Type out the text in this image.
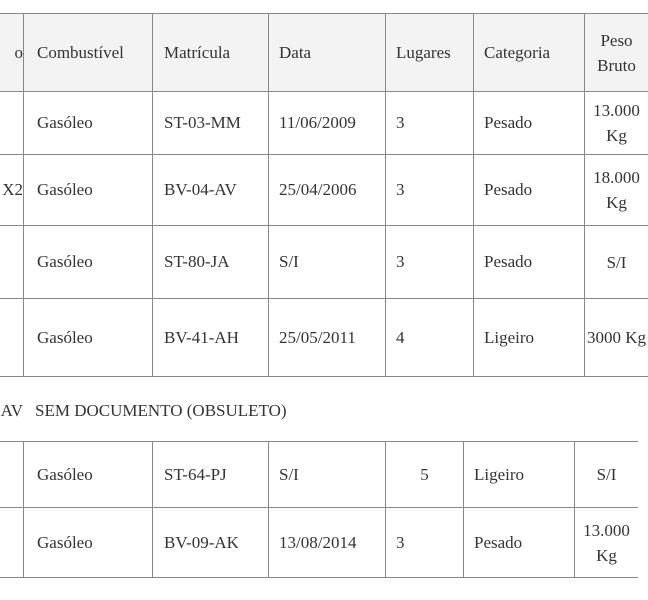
o	Combustível	Matrícula	Data	Lugares	Categoria	Peso Bruto
	Gasóleo	ST-03-MM	11/06/2009	3	Pesado	13.000 Kg
X2	Gasóleo	BV-04-AV	25/04/2006	3	Pesado	18.000 Kg
	Gasóleo	ST-80-JA	S/I	3	Pesado	S/I
	Gasóleo	BV-41-AH	25/05/2011	4	Ligeiro	3000 Kg
AV SEM DOCUMENTO (OBSULETO)
	Gasóleo	ST-64-PJ	S/I	5	Ligeiro	S/I
	Gasóleo	BV-09-AK	13/08/2014	3	Pesado	13.000 Kg
